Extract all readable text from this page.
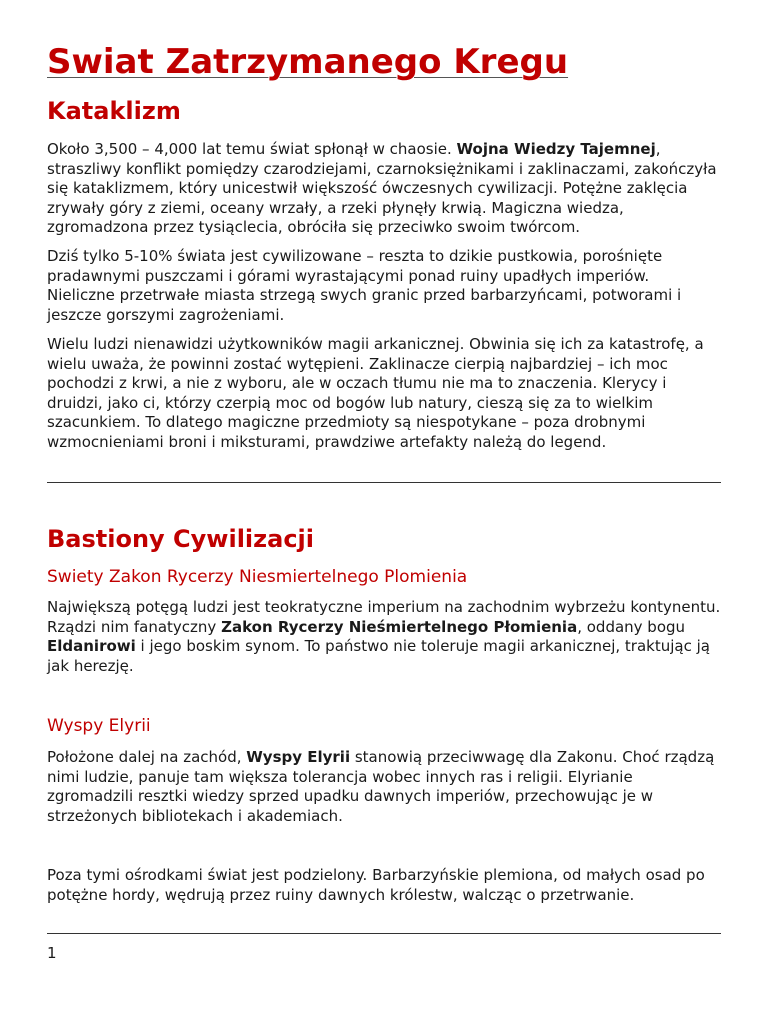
Swiat Zatrzymanego Kregu
Kataklizm

Około 3,500 – 4,000 lat temu świat spłonął w chaosie. Wojna Wiedzy Tajemnej, straszliwy konflikt pomiędzy czarodziejami, czarnoksiężnikami i zaklinaczami, zakończyła się kataklizmem, który unicestwił większość ówczesnych cywilizacji. Potężne zaklęcia zrywały góry z ziemi, oceany wrzały, a rzeki płynęły krwią. Magiczna wiedza, zgromadzona przez tysiąclecia, obróciła się przeciwko swoim twórcom.

Dziś tylko 5-10% świata jest cywilizowane – reszta to dzikie pustkowia, porośnięte pradawnymi puszczami i górami wyrastającymi ponad ruiny upadłych imperiów. Nieliczne przetrwałe miasta strzegą swych granic przed barbarzyńcami, potworami i jeszcze gorszymi zagrożeniami.

Wielu ludzi nienawidzi użytkowników magii arkanicznej. Obwinia się ich za katastrofę, a wielu uważa, że powinni zostać wytępieni. Zaklinacze cierpią najbardziej – ich moc pochodzi z krwi, a nie z wyboru, ale w oczach tłumu nie ma to znaczenia. Klerycy i druidzi, jako ci, którzy czerpią moc od bogów lub natury, cieszą się za to wielkim szacunkiem. To dlatego magiczne przedmioty są niespotykane – poza drobnymi wzmocnieniami broni i miksturami, prawdziwe artefakty należą do legend.

Bastiony Cywilizacji
Swiety Zakon Rycerzy Niesmiertelnego Plomienia

Największą potęgą ludzi jest teokratyczne imperium na zachodnim wybrzeżu kontynentu. Rządzi nim fanatyczny Zakon Rycerzy Nieśmiertelnego Płomienia, oddany bogu Eldanirowi i jego boskim synom. To państwo nie toleruje magii arkanicznej, traktując ją jak herezję.

Wyspy Elyrii

Położone dalej na zachód, Wyspy Elyrii stanowią przeciwwagę dla Zakonu. Choć rządzą nimi ludzie, panuje tam większa tolerancja wobec innych ras i religii. Elyrianie zgromadzili resztki wiedzy sprzed upadku dawnych imperiów, przechowując je w strzeżonych bibliotekach i akademiach.

Poza tymi ośrodkami świat jest podzielony. Barbarzyńskie plemiona, od małych osad po potężne hordy, wędrują przez ruiny dawnych królestw, walcząc o przetrwanie.

1
